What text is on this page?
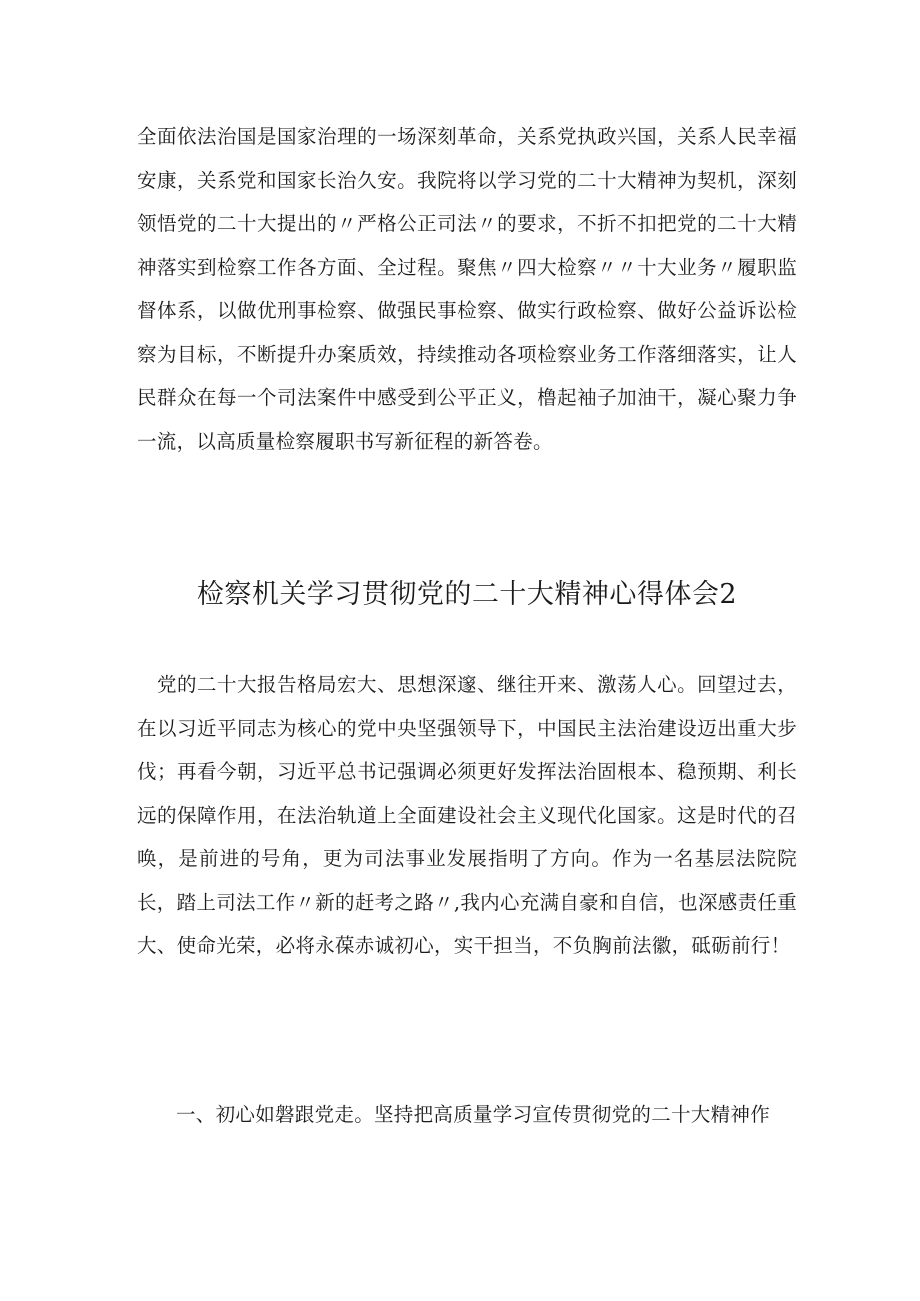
全面依法治国是国家治理的一场深刻革命，关系党执政兴国，关系人民幸福安康，关系党和国家长治久安。我院将以学习党的二十大精神为契机，深刻领悟党的二十大提出的〃严格公正司法〃的要求，不折不扣把党的二十大精神落实到检察工作各方面、全过程。聚焦〃四大检察〃〃十大业务〃履职监督体系，以做优刑事检察、做强民事检察、做实行政检察、做好公益诉讼检察为目标，不断提升办案质效，持续推动各项检察业务工作落细落实，让人民群众在每一个司法案件中感受到公平正义，橹起袖子加油干，凝心聚力争一流，以高质量检察履职书写新征程的新答卷。

检察机关学习贯彻党的二十大精神心得体会2

党的二十大报告格局宏大、思想深邃、继往开来、激荡人心。回望过去，在以习近平同志为核心的党中央坚强领导下，中国民主法治建设迈出重大步伐；再看今朝，习近平总书记强调必须更好发挥法治固根本、稳预期、利长远的保障作用，在法治轨道上全面建设社会主义现代化国家。这是时代的召唤，是前进的号角，更为司法事业发展指明了方向。作为一名基层法院院长，踏上司法工作〃新的赶考之路〃,我内心充满自豪和自信，也深感责任重大、使命光荣，必将永葆赤诚初心，实干担当，不负胸前法徽，砥砺前行！

一、初心如磐跟党走。坚持把高质量学习宣传贯彻党的二十大精神作
